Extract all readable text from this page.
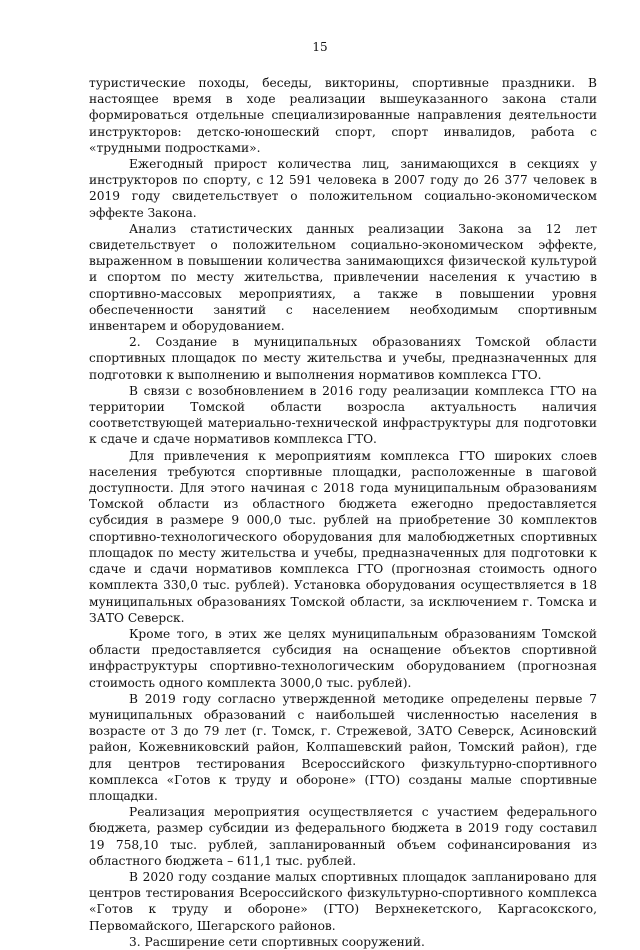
15

туристические походы, беседы, викторины, спортивные праздники. В настоящее время в ходе реализации вышеуказанного закона стали формироваться отдельные специализированные направления деятельности инструкторов: детско-юношеский спорт, спорт инвалидов, работа с «трудными подростками».

Ежегодный прирост количества лиц, занимающихся в секциях у инструкторов по спорту, с 12 591 человека в 2007 году до 26 377 человек в 2019 году свидетельствует о положительном социально-экономическом эффекте Закона.

Анализ статистических данных реализации Закона за 12 лет свидетельствует о положительном социально-экономическом эффекте, выраженном в повышении количества занимающихся физической культурой и спортом по месту жительства, привлечении населения к участию в спортивно-массовых мероприятиях, а также в повышении уровня обеспеченности занятий с населением необходимым спортивным инвентарем и оборудованием.

2. Создание в муниципальных образованиях Томской области спортивных площадок по месту жительства и учебы, предназначенных для подготовки к выполнению и выполнения нормативов комплекса ГТО.

В связи с возобновлением в 2016 году реализации комплекса ГТО на территории Томской области возросла актуальность наличия соответствующей материально-технической инфраструктуры для подготовки к сдаче и сдаче нормативов комплекса ГТО.

Для привлечения к мероприятиям комплекса ГТО широких слоев населения требуются спортивные площадки, расположенные в шаговой доступности. Для этого начиная с 2018 года муниципальным образованиям Томской области из областного бюджета ежегодно предоставляется субсидия в размере 9 000,0 тыс. рублей на приобретение 30 комплектов спортивно-технологического оборудования для малобюджетных спортивных площадок по месту жительства и учебы, предназначенных для подготовки к сдаче и сдачи нормативов комплекса ГТО (прогнозная стоимость одного комплекта 330,0 тыс. рублей). Установка оборудования осуществляется в 18 муниципальных образованиях Томской области, за исключением г. Томска и ЗАТО Северск.

Кроме того, в этих же целях муниципальным образованиям Томской области предоставляется субсидия на оснащение объектов спортивной инфраструктуры спортивно-технологическим оборудованием (прогнозная стоимость одного комплекта 3000,0 тыс. рублей).

В 2019 году согласно утвержденной методике определены первые 7 муниципальных образований с наибольшей численностью населения в возрасте от 3 до 79 лет (г. Томск, г. Стрежевой, ЗАТО Северск, Асиновский район, Кожевниковский район, Колпашевский район, Томский район), где для центров тестирования Всероссийского физкультурно-спортивного комплекса «Готов к труду и обороне» (ГТО) созданы малые спортивные площадки.

Реализация мероприятия осуществляется с участием федерального бюджета, размер субсидии из федерального бюджета в 2019 году составил 19 758,10 тыс. рублей, запланированный объем софинансирования из областного бюджета – 611,1 тыс. рублей.

В 2020 году создание малых спортивных площадок запланировано для центров тестирования Всероссийского физкультурно-спортивного комплекса «Готов к труду и обороне» (ГТО) Верхнекетского, Каргасокского, Первомайского, Шегарского районов.

3. Расширение сети спортивных сооружений.
